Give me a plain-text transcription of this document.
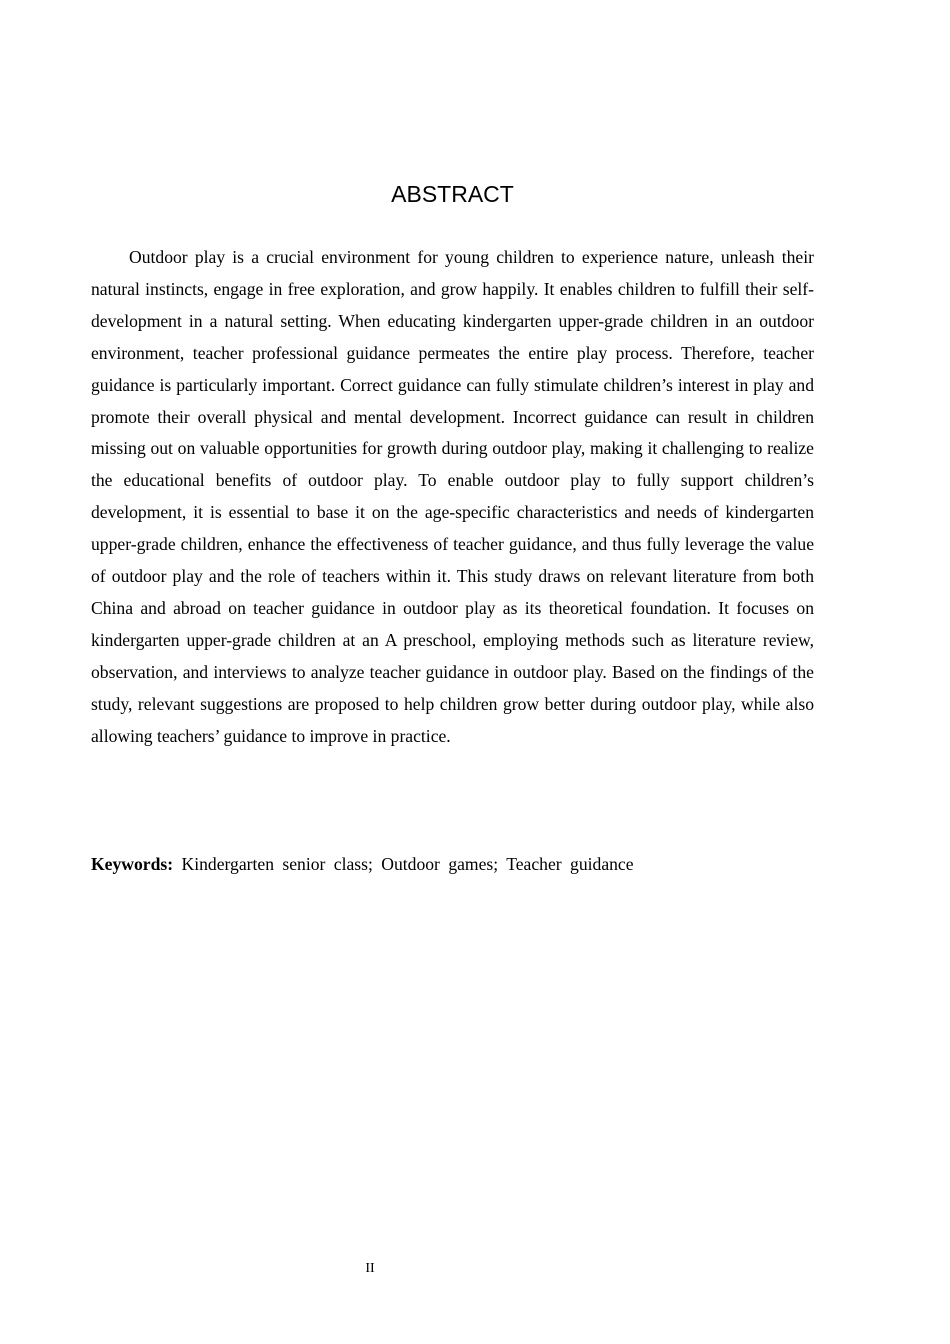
ABSTRACT

Outdoor play is a crucial environment for young children to experience nature, unleash their natural instincts, engage in free exploration, and grow happily. It enables children to fulfill their self-development in a natural setting. When educating kindergarten upper-grade children in an outdoor environment, teacher professional guidance permeates the entire play process. Therefore, teacher guidance is particularly important. Correct guidance can fully stimulate children’s interest in play and promote their overall physical and mental development. Incorrect guidance can result in children missing out on valuable opportunities for growth during outdoor play, making it challenging to realize the educational benefits of outdoor play. To enable outdoor play to fully support children’s development, it is essential to base it on the age-specific characteristics and needs of kindergarten upper-grade children, enhance the effectiveness of teacher guidance, and thus fully leverage the value of outdoor play and the role of teachers within it. This study draws on relevant literature from both China and abroad on teacher guidance in outdoor play as its theoretical foundation. It focuses on kindergarten upper-grade children at an A preschool, employing methods such as literature review, observation, and interviews to analyze teacher guidance in outdoor play. Based on the findings of the study, relevant suggestions are proposed to help children grow better during outdoor play, while also allowing teachers’ guidance to improve in practice.

Keywords: Kindergarten senior class; Outdoor games; Teacher guidance

II
